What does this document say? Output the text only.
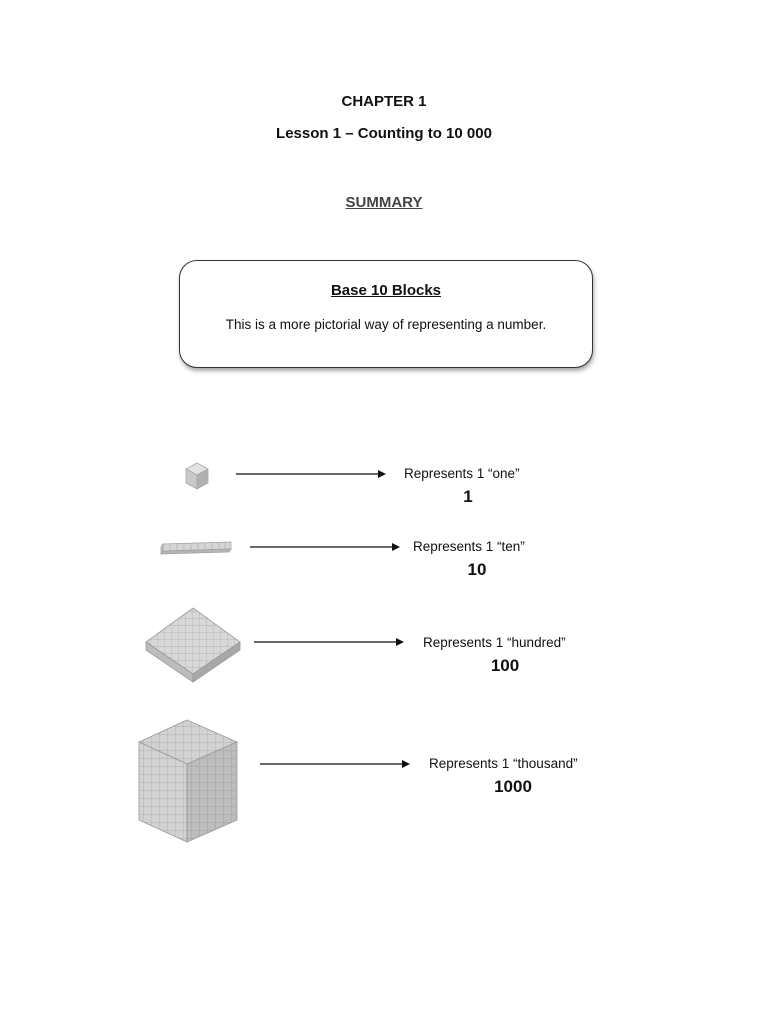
CHAPTER 1
Lesson 1 – Counting to 10 000
SUMMARY
Base 10 Blocks
This is a more pictorial way of representing a number.
Represents 1 “one”
1
Represents 1 “ten”
10
Represents 1 “hundred”
100
Represents 1 “thousand”
1000
